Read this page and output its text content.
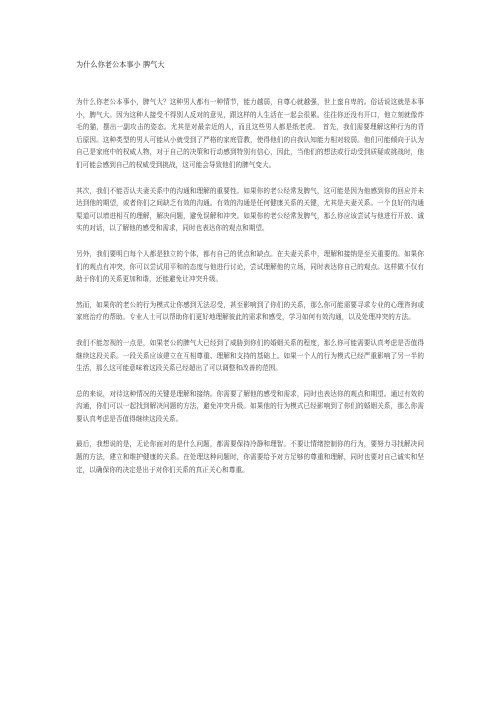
为什么你老公本事小 脾气大

为什么你老公本事小，脾气大？这种男人都有一种情节，能力越弱，自尊心就越强，世上蛮自卑的。俗话说这就是本事小，脾气大。因为这种人接受不得别人反对的意见，跟这样的人生活在一起会很累。往往你还没有开口，他立刻就像炸毛的猫，摆出一副攻击的姿态。尤其是对最亲近的人，而且这些男人都是纸老虎。　首先，我们需要理解这种行为的背后原因。这种类型的男人可能从小就受到了严格的家庭管教，使得他们的自我认知能力相对较弱。他们可能倾向于认为自己是家庭中的权威人物，对于自己的决策和行动感到特别有信心，因此，当他们的想法或行动受到质疑或挑战时，他们可能会感到自己的权威受到挑战，这可能会导致他们的脾气变大。

其次，我们不能否认夫妻关系中的沟通和理解的重要性。如果你的老公经常发脾气，这可能是因为他感到你的回应并未达到他的期望，或者你们之间缺乏有效的沟通。有效的沟通是任何健康关系的关键，尤其是夫妻关系。一个良好的沟通渠道可以增进相互的理解，解决问题，避免误解和冲突。如果你的老公经常发脾气，那么你应该尝试与他进行开放、诚实的对话，以了解他的感受和需求，同时也表达你的观点和期望。

另外，我们要明白每个人都是独立的个体，都有自己的优点和缺点。在夫妻关系中，理解和接纳是至关重要的。如果你们的观点有冲突，你可以尝试用平和的态度与他进行讨论，尝试理解他的立场，同时表达你自己的观点。这样做不仅有助于你们的关系更加和谐，还能避免让冲突升级。

然而，如果你的老公的行为模式让你感到无法忍受，甚至影响到了你们的关系，那么你可能需要寻求专业的心理咨询或家庭治疗的帮助。专业人士可以帮助你们更好地理解彼此的需求和感受，学习如何有效沟通，以及处理冲突的方法。

我们不能忽视的一点是，如果老公的脾气大已经到了威胁到你们的婚姻关系的程度，那么你可能需要认真考虑是否值得继续这段关系。一段关系应该建立在互相尊重、理解和支持的基础上。如果一个人的行为模式已经严重影响了另一半的生活，那么这可能意味着这段关系已经超出了可以调整和改善的范围。

总的来说，对待这种情况的关键是理解和接纳。你需要了解他的感受和需求，同时也表达你的观点和期望。通过有效的沟通，你们可以一起找到解决问题的方法，避免冲突升级。如果他的行为模式已经影响到了你们的婚姻关系，那么你需要认真考虑是否值得继续这段关系。

最后，我想说的是，无论你面对的是什么问题，都需要保持冷静和理智。不要让情绪控制你的行为，要努力寻找解决问题的方法，建立和维护健康的关系。在处理这种问题时，你需要给予对方足够的尊重和理解，同时也要对自己诚实和坚定，以确保你的决定是出于对你们关系的真正关心和尊重。
